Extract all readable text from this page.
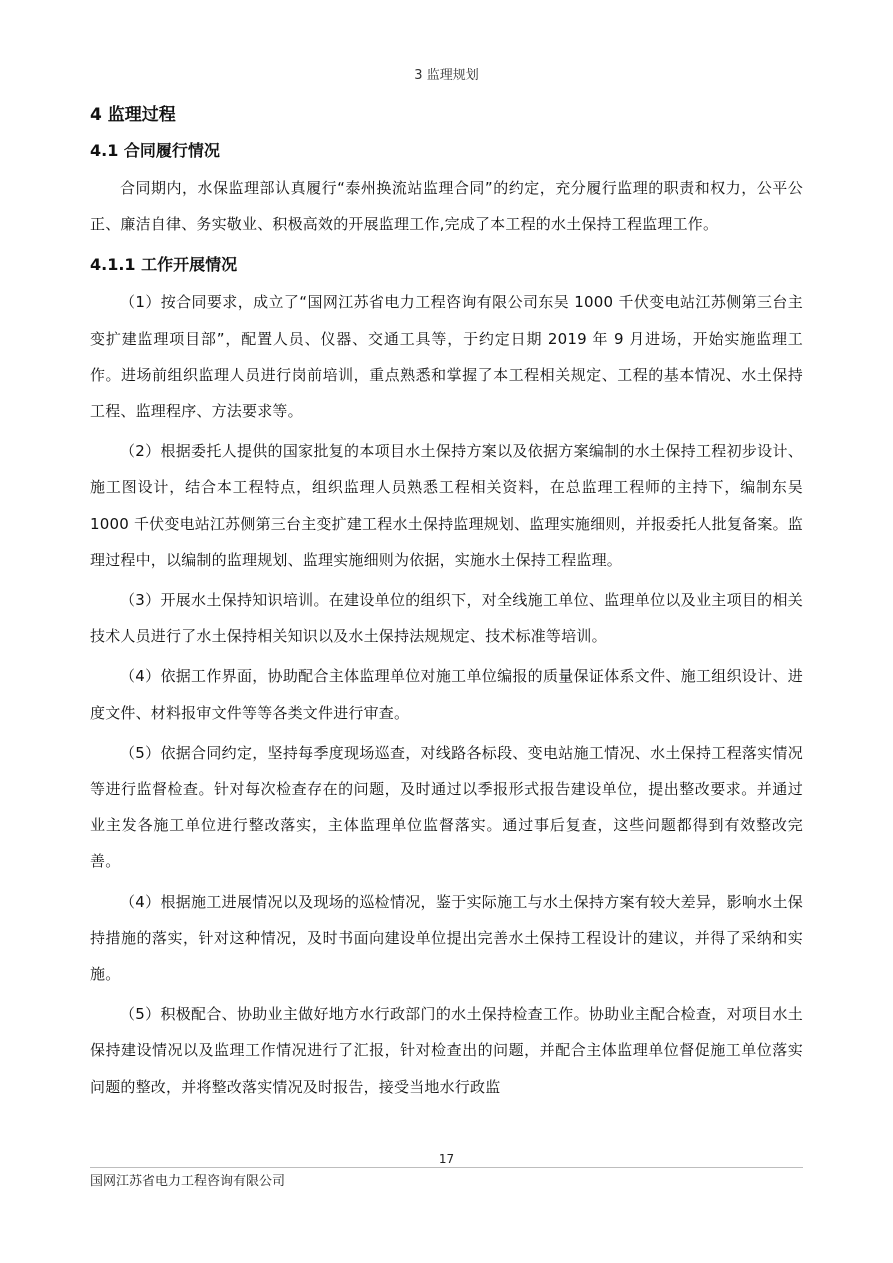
3 监理规划
4 监理过程
4.1 合同履行情况

合同期内，水保监理部认真履行“泰州换流站监理合同”的约定，充分履行监理的职责和权力，公平公正、廉洁自律、务实敬业、积极高效的开展监理工作,完成了本工程的水土保持工程监理工作。

4.1.1 工作开展情况

（1）按合同要求，成立了“国网江苏省电力工程咨询有限公司东吴 1000 千伏变电站江苏侧第三台主变扩建监理项目部”，配置人员、仪器、交通工具等，于约定日期 2019 年 9 月进场，开始实施监理工作。进场前组织监理人员进行岗前培训，重点熟悉和掌握了本工程相关规定、工程的基本情况、水土保持工程、监理程序、方法要求等。

（2）根据委托人提供的国家批复的本项目水土保持方案以及依据方案编制的水土保持工程初步设计、施工图设计，结合本工程特点，组织监理人员熟悉工程相关资料，在总监理工程师的主持下，编制东吴 1000 千伏变电站江苏侧第三台主变扩建工程水土保持监理规划、监理实施细则，并报委托人批复备案。监理过程中，以编制的监理规划、监理实施细则为依据，实施水土保持工程监理。

（3）开展水土保持知识培训。在建设单位的组织下，对全线施工单位、监理单位以及业主项目的相关技术人员进行了水土保持相关知识以及水土保持法规规定、技术标准等培训。

（4）依据工作界面，协助配合主体监理单位对施工单位编报的质量保证体系文件、施工组织设计、进度文件、材料报审文件等等各类文件进行审查。

（5）依据合同约定，坚持每季度现场巡查，对线路各标段、变电站施工情况、水土保持工程落实情况等进行监督检查。针对每次检查存在的问题，及时通过以季报形式报告建设单位，提出整改要求。并通过业主发各施工单位进行整改落实，主体监理单位监督落实。通过事后复查，这些问题都得到有效整改完善。

（4）根据施工进展情况以及现场的巡检情况，鉴于实际施工与水土保持方案有较大差异，影响水土保持措施的落实，针对这种情况，及时书面向建设单位提出完善水土保持工程设计的建议，并得了采纳和实施。

（5）积极配合、协助业主做好地方水行政部门的水土保持检查工作。协助业主配合检查，对项目水土保持建设情况以及监理工作情况进行了汇报，针对检查出的问题，并配合主体监理单位督促施工单位落实问题的整改，并将整改落实情况及时报告，接受当地水行政监

17
国网江苏省电力工程咨询有限公司
